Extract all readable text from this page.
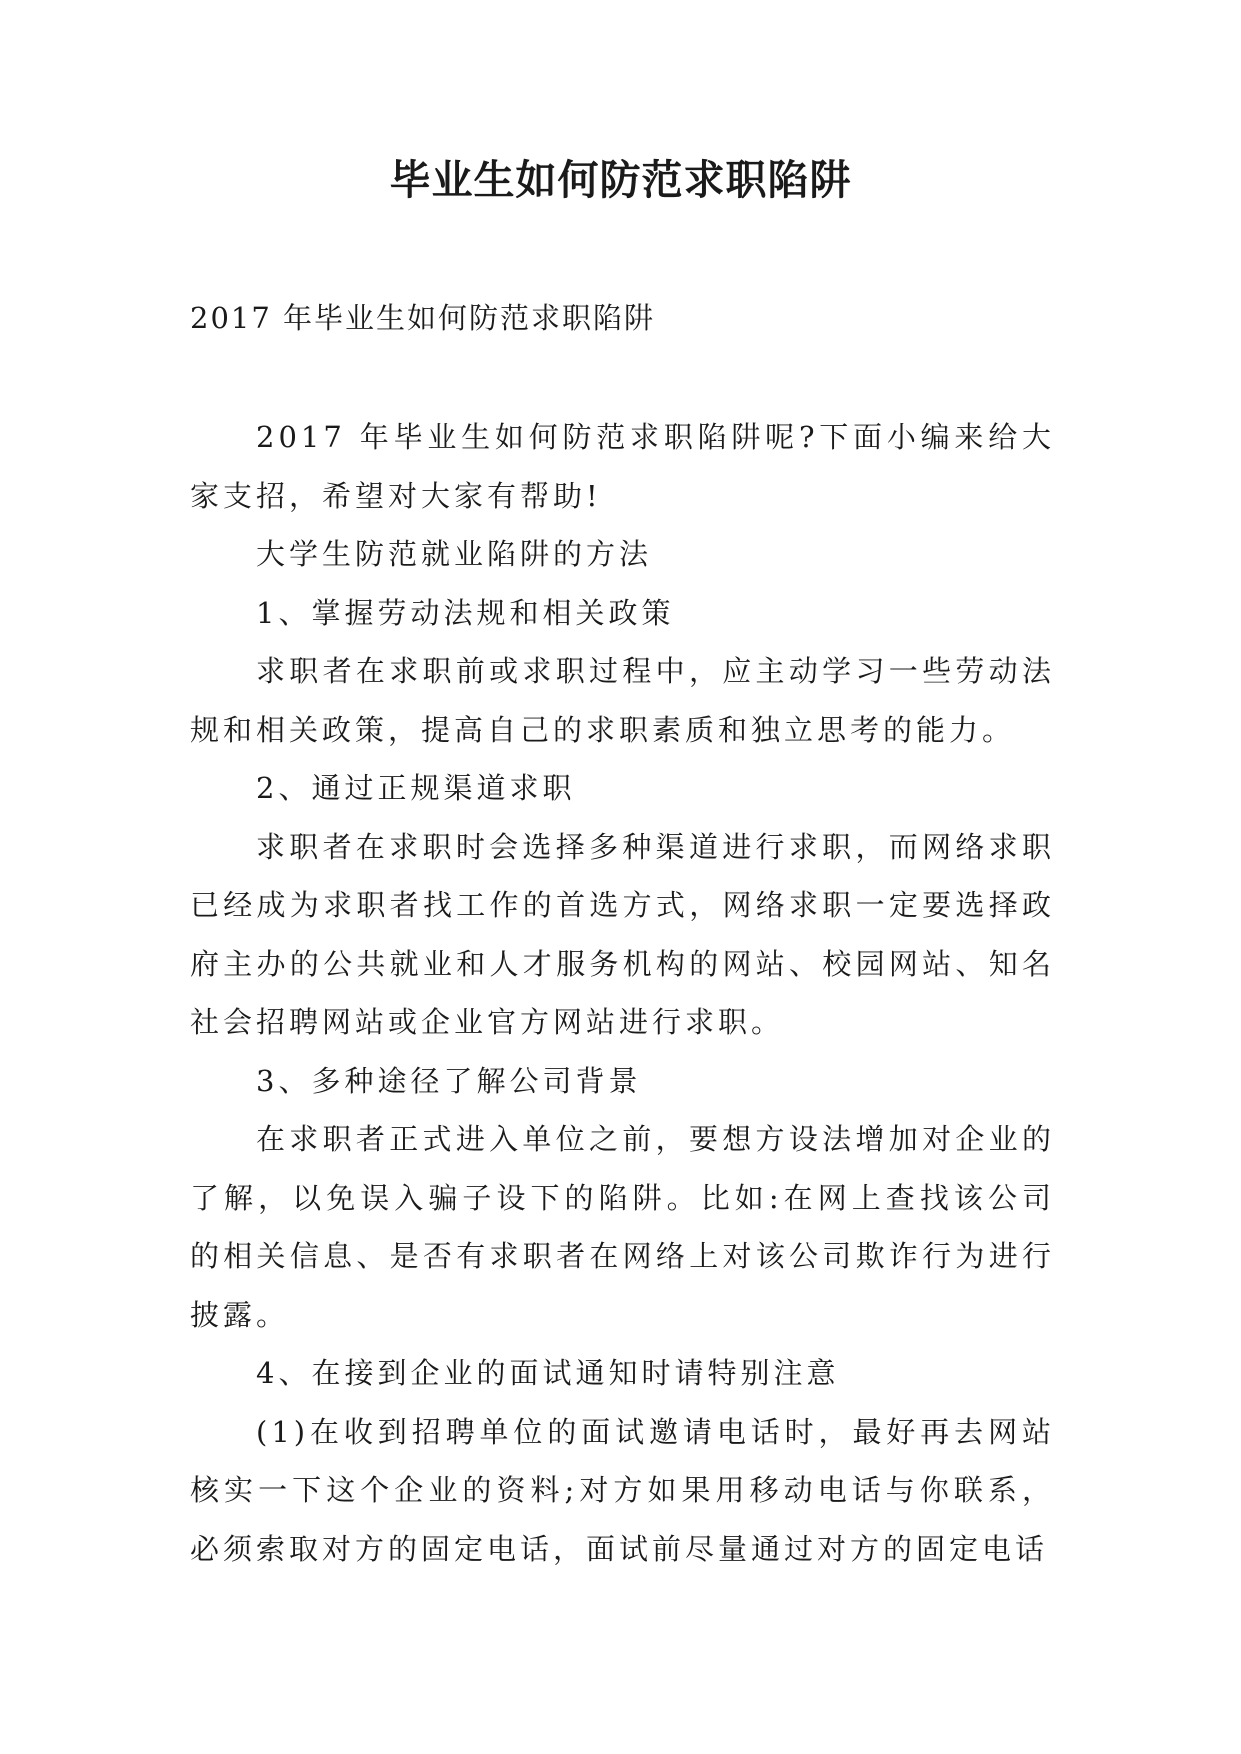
毕业生如何防范求职陷阱

2017 年毕业生如何防范求职陷阱

2017 年毕业生如何防范求职陷阱呢?下面小编来给大家支招，希望对大家有帮助!

大学生防范就业陷阱的方法

1、掌握劳动法规和相关政策

求职者在求职前或求职过程中，应主动学习一些劳动法规和相关政策，提高自己的求职素质和独立思考的能力。

2、通过正规渠道求职

求职者在求职时会选择多种渠道进行求职，而网络求职已经成为求职者找工作的首选方式，网络求职一定要选择政府主办的公共就业和人才服务机构的网站、校园网站、知名社会招聘网站或企业官方网站进行求职。

3、多种途径了解公司背景

在求职者正式进入单位之前，要想方设法增加对企业的了解，以免误入骗子设下的陷阱。比如:在网上查找该公司的相关信息、是否有求职者在网络上对该公司欺诈行为进行披露。

4、在接到企业的面试通知时请特别注意

(1)在收到招聘单位的面试邀请电话时，最好再去网站核实一下这个企业的资料;对方如果用移动电话与你联系，必须索取对方的固定电话，面试前尽量通过对方的固定电话
